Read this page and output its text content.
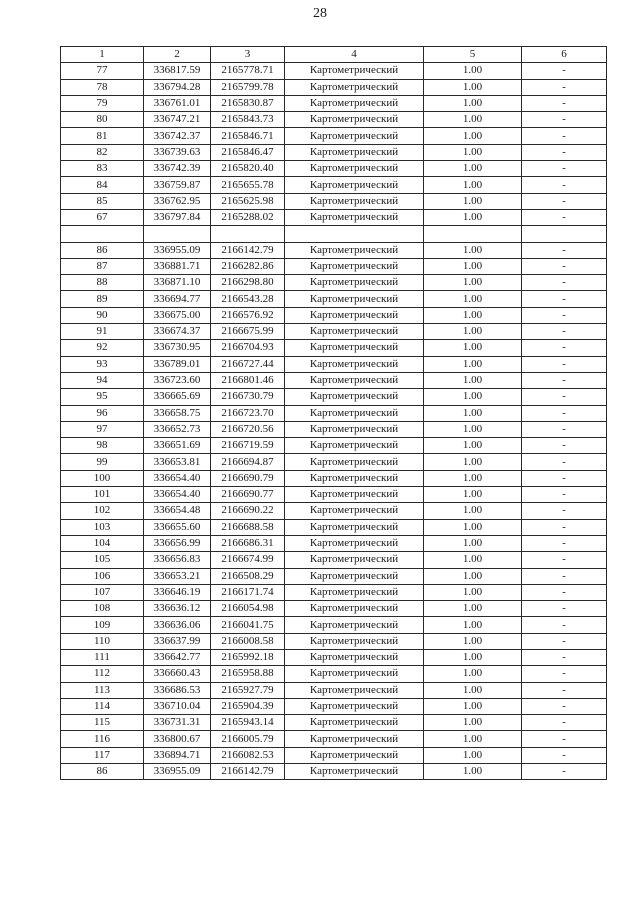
28
1	2	3	4	5	6
77	336817.59	2165778.71	Картометрический	1.00	-
78	336794.28	2165799.78	Картометрический	1.00	-
79	336761.01	2165830.87	Картометрический	1.00	-
80	336747.21	2165843.73	Картометрический	1.00	-
81	336742.37	2165846.71	Картометрический	1.00	-
82	336739.63	2165846.47	Картометрический	1.00	-
83	336742.39	2165820.40	Картометрический	1.00	-
84	336759.87	2165655.78	Картометрический	1.00	-
85	336762.95	2165625.98	Картометрический	1.00	-
67	336797.84	2165288.02	Картометрический	1.00	-

86	336955.09	2166142.79	Картометрический	1.00	-
87	336881.71	2166282.86	Картометрический	1.00	-
88	336871.10	2166298.80	Картометрический	1.00	-
89	336694.77	2166543.28	Картометрический	1.00	-
90	336675.00	2166576.92	Картометрический	1.00	-
91	336674.37	2166675.99	Картометрический	1.00	-
92	336730.95	2166704.93	Картометрический	1.00	-
93	336789.01	2166727.44	Картометрический	1.00	-
94	336723.60	2166801.46	Картометрический	1.00	-
95	336665.69	2166730.79	Картометрический	1.00	-
96	336658.75	2166723.70	Картометрический	1.00	-
97	336652.73	2166720.56	Картометрический	1.00	-
98	336651.69	2166719.59	Картометрический	1.00	-
99	336653.81	2166694.87	Картометрический	1.00	-
100	336654.40	2166690.79	Картометрический	1.00	-
101	336654.40	2166690.77	Картометрический	1.00	-
102	336654.48	2166690.22	Картометрический	1.00	-
103	336655.60	2166688.58	Картометрический	1.00	-
104	336656.99	2166686.31	Картометрический	1.00	-
105	336656.83	2166674.99	Картометрический	1.00	-
106	336653.21	2166508.29	Картометрический	1.00	-
107	336646.19	2166171.74	Картометрический	1.00	-
108	336636.12	2166054.98	Картометрический	1.00	-
109	336636.06	2166041.75	Картометрический	1.00	-
110	336637.99	2166008.58	Картометрический	1.00	-
111	336642.77	2165992.18	Картометрический	1.00	-
112	336660.43	2165958.88	Картометрический	1.00	-
113	336686.53	2165927.79	Картометрический	1.00	-
114	336710.04	2165904.39	Картометрический	1.00	-
115	336731.31	2165943.14	Картометрический	1.00	-
116	336800.67	2166005.79	Картометрический	1.00	-
117	336894.71	2166082.53	Картометрический	1.00	-
86	336955.09	2166142.79	Картометрический	1.00	-
